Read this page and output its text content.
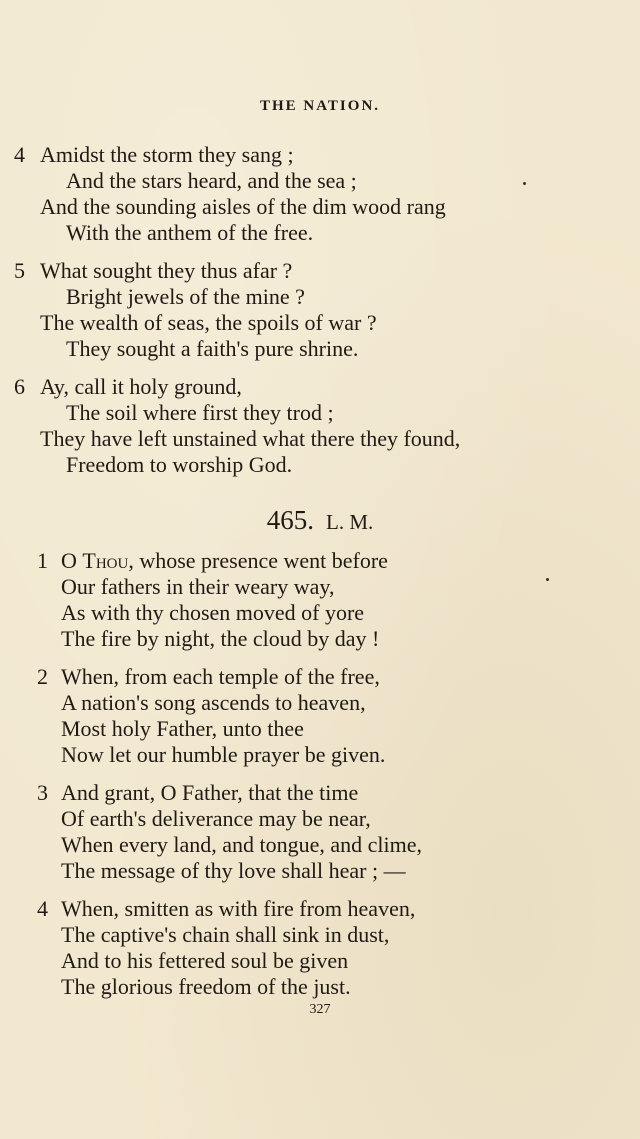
THE NATION.
4 Amidst the storm they sang ;
And the stars heard, and the sea ;
And the sounding aisles of the dim wood rang
With the anthem of the free.
5 What sought they thus afar ?
Bright jewels of the mine ?
The wealth of seas, the spoils of war ?
They sought a faith's pure shrine.
6 Ay, call it holy ground,
The soil where first they trod ;
They have left unstained what there they found,
Freedom to worship God.
465. L. M.
1 O Thou, whose presence went before
Our fathers in their weary way,
As with thy chosen moved of yore
The fire by night, the cloud by day !
2 When, from each temple of the free,
A nation's song ascends to heaven,
Most holy Father, unto thee
Now let our humble prayer be given.
3 And grant, O Father, that the time
Of earth's deliverance may be near,
When every land, and tongue, and clime,
The message of thy love shall hear ; —
4 When, smitten as with fire from heaven,
The captive's chain shall sink in dust,
And to his fettered soul be given
The glorious freedom of the just.
327
